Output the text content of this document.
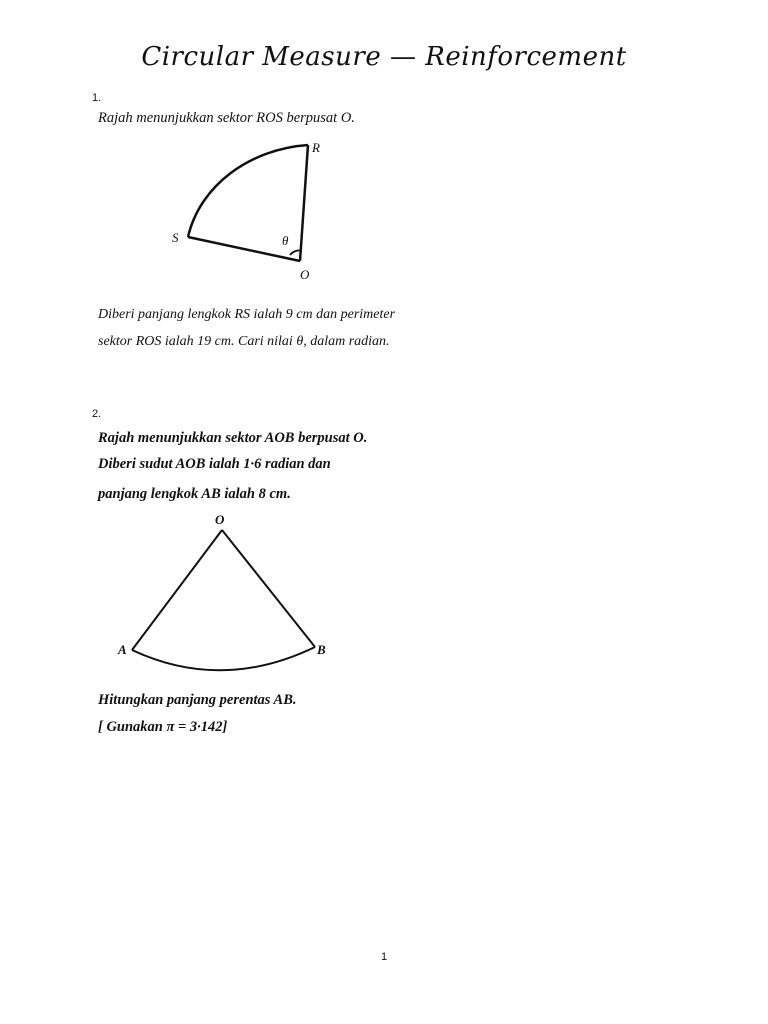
Circular Measure — Reinforcement
1.
Rajah menunjukkan sektor ROS berpusat O.
R
S
O
θ
Diberi panjang lengkok RS ialah 9 cm dan perimeter
sektor ROS ialah 19 cm. Cari nilai θ, dalam radian.
2.
Rajah menunjukkan sektor AOB berpusat O.
Diberi sudut AOB ialah 1·6 radian dan
panjang lengkok AB ialah 8 cm.
O
A	B
Hitungkan panjang perentas AB.
[ Gunakan π = 3·142]
1
